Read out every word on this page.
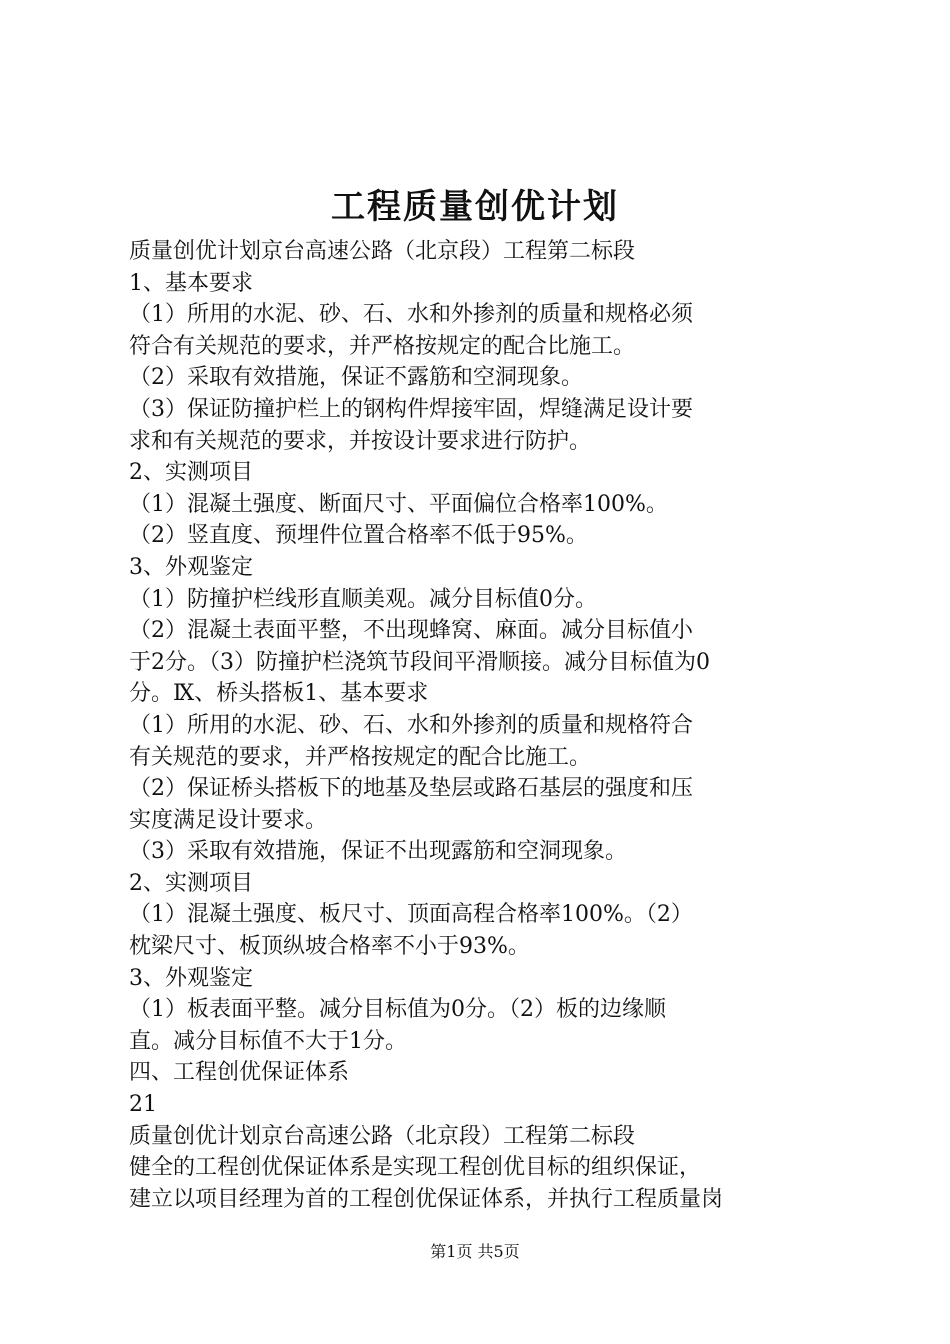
工程质量创优计划
质量创优计划京台高速公路（北京段）工程第二标段
1、基本要求
（1）所用的水泥、砂、石、水和外掺剂的质量和规格必须
符合有关规范的要求，并严格按规定的配合比施工。
（2）采取有效措施，保证不露筋和空洞现象。
（3）保证防撞护栏上的钢构件焊接牢固，焊缝满足设计要
求和有关规范的要求，并按设计要求进行防护。
2、实测项目
（1）混凝土强度、断面尺寸、平面偏位合格率100%。
（2）竖直度、预埋件位置合格率不低于95%。
3、外观鉴定
（1）防撞护栏线形直顺美观。减分目标值0分。
（2）混凝土表面平整，不出现蜂窝、麻面。减分目标值小
于2分。（3）防撞护栏浇筑节段间平滑顺接。减分目标值为0
分。Ⅸ、桥头搭板1、基本要求
（1）所用的水泥、砂、石、水和外掺剂的质量和规格符合
有关规范的要求，并严格按规定的配合比施工。
（2）保证桥头搭板下的地基及垫层或路石基层的强度和压
实度满足设计要求。
（3）采取有效措施，保证不出现露筋和空洞现象。
2、实测项目
（1）混凝土强度、板尺寸、顶面高程合格率100%。（2）
枕梁尺寸、板顶纵坡合格率不小于93%。
3、外观鉴定
（1）板表面平整。减分目标值为0分。（2）板的边缘顺
直。减分目标值不大于1分。
四、工程创优保证体系
21
质量创优计划京台高速公路（北京段）工程第二标段
健全的工程创优保证体系是实现工程创优目标的组织保证，
建立以项目经理为首的工程创优保证体系，并执行工程质量岗
第1页 共5页
